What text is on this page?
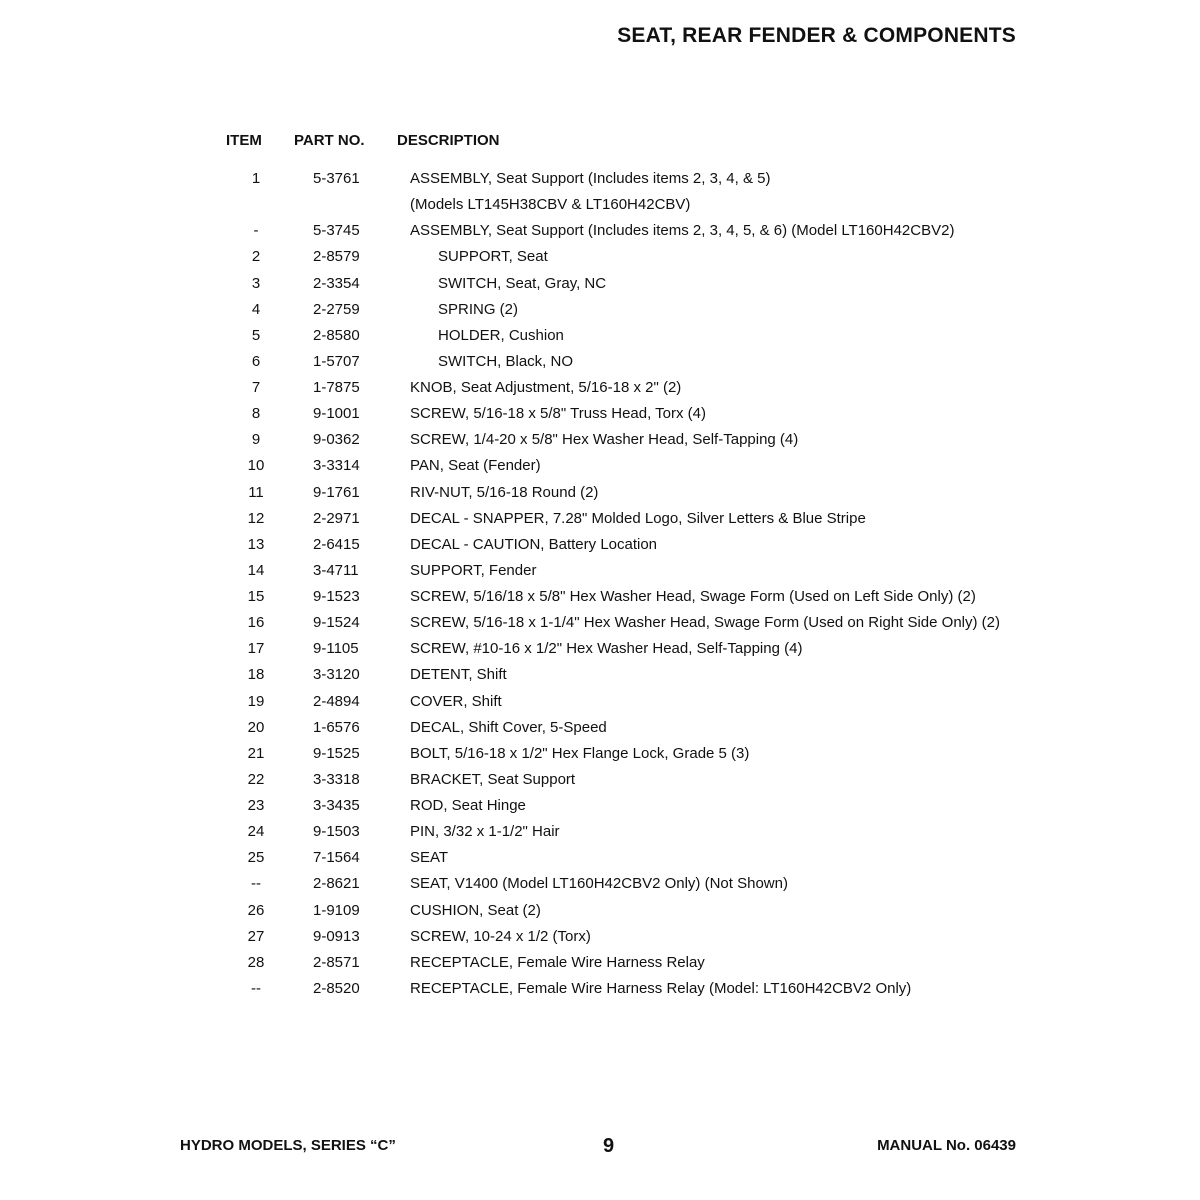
SEAT, REAR FENDER & COMPONENTS
ITEM PART NO. DESCRIPTION
1	5-3761	ASSEMBLY, Seat Support (Includes items 2, 3, 4, & 5)
(Models LT145H38CBV & LT160H42CBV)
-	5-3745	ASSEMBLY, Seat Support (Includes items 2, 3, 4, 5, & 6) (Model LT160H42CBV2)
2	2-8579	SUPPORT, Seat
3	2-3354	SWITCH, Seat, Gray, NC
4	2-2759	SPRING (2)
5	2-8580	HOLDER, Cushion
6	1-5707	SWITCH, Black, NO
7	1-7875	KNOB, Seat Adjustment, 5/16-18 x 2" (2)
8	9-1001	SCREW, 5/16-18 x 5/8" Truss Head, Torx (4)
9	9-0362	SCREW, 1/4-20 x 5/8" Hex Washer Head, Self-Tapping (4)
10	3-3314	PAN, Seat (Fender)
11	9-1761	RIV-NUT, 5/16-18 Round (2)
12	2-2971	DECAL - SNAPPER, 7.28" Molded Logo, Silver Letters & Blue Stripe
13	2-6415	DECAL - CAUTION, Battery Location
14	3-4711	SUPPORT, Fender
15	9-1523	SCREW, 5/16/18 x 5/8" Hex Washer Head, Swage Form (Used on Left Side Only) (2)
16	9-1524	SCREW, 5/16-18 x 1-1/4" Hex Washer Head, Swage Form (Used on Right Side Only) (2)
17	9-1105	SCREW, #10-16 x 1/2" Hex Washer Head, Self-Tapping (4)
18	3-3120	DETENT, Shift
19	2-4894	COVER, Shift
20	1-6576	DECAL, Shift Cover, 5-Speed
21	9-1525	BOLT, 5/16-18 x 1/2" Hex Flange Lock, Grade 5 (3)
22	3-3318	BRACKET, Seat Support
23	3-3435	ROD, Seat Hinge
24	9-1503	PIN, 3/32 x 1-1/2" Hair
25	7-1564	SEAT
--	2-8621	SEAT, V1400 (Model LT160H42CBV2 Only) (Not Shown)
26	1-9109	CUSHION, Seat (2)
27	9-0913	SCREW, 10-24 x 1/2 (Torx)
28	2-8571	RECEPTACLE, Female Wire Harness Relay
--	2-8520	RECEPTACLE, Female Wire Harness Relay (Model: LT160H42CBV2 Only)
HYDRO MODELS, SERIES “C”	9	MANUAL No. 06439
